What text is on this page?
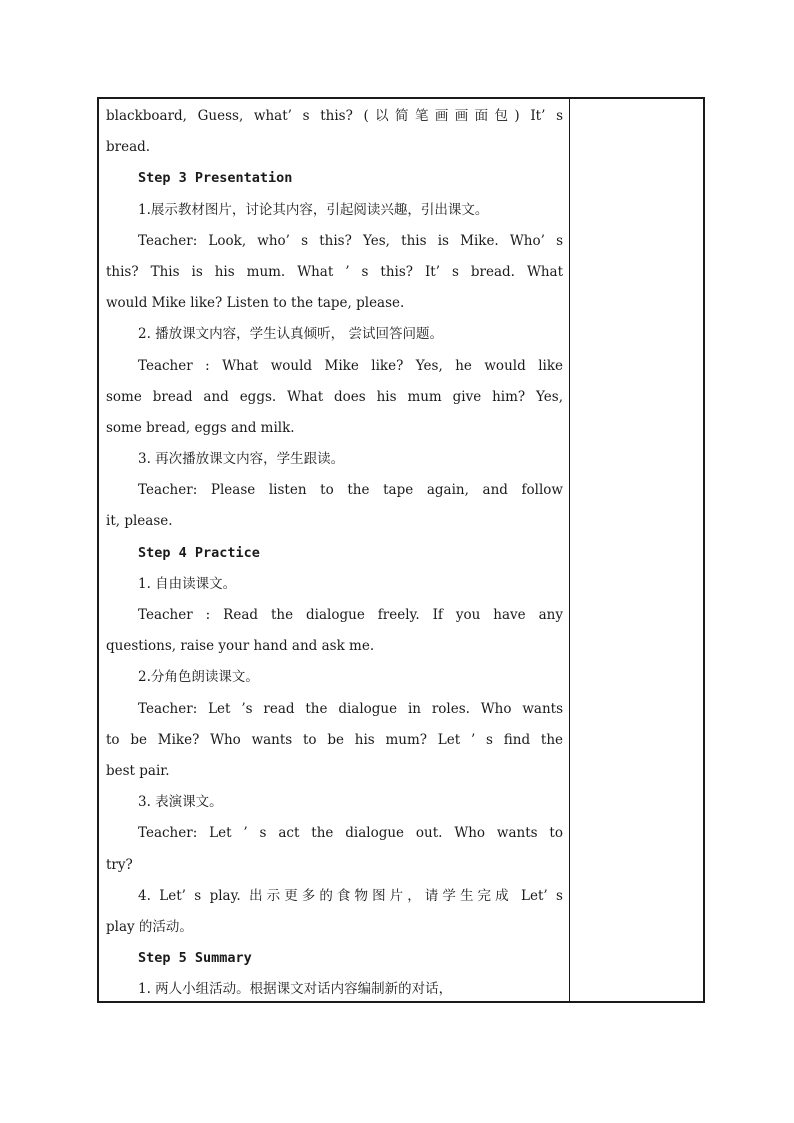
blackboard, Guess, what’ s this? (以简笔画画面包) It’ s
bread.
Step 3 Presentation
1.展示教材图片，讨论其内容，引起阅读兴趣，引出课文。
Teacher: Look, who’ s this? Yes, this is Mike. Who’ s
this? This is his mum. What ’ s this? It’ s bread. What
would Mike like? Listen to the tape, please.
2. 播放课文内容，学生认真倾听， 尝试回答问题。
Teacher : What would Mike like? Yes, he would like
some bread and eggs. What does his mum give him? Yes,
some bread, eggs and milk.
3. 再次播放课文内容，学生跟读。
Teacher: Please listen to the tape again, and follow
it, please.
Step 4 Practice
1. 自由读课文。
Teacher : Read the dialogue freely. If you have any
questions, raise your hand and ask me.
2.分角色朗读课文。
Teacher: Let ’s read the dialogue in roles. Who wants
to be Mike? Who wants to be his mum? Let ’ s find the
best pair.
3. 表演课文。
Teacher: Let ’ s act the dialogue out. Who wants to
try?
4. Let’ s play. 出示更多的食物图片，请学生完成 Let’ s
play 的活动。
Step 5 Summary
1. 两人小组活动。根据课文对话内容编制新的对话，
